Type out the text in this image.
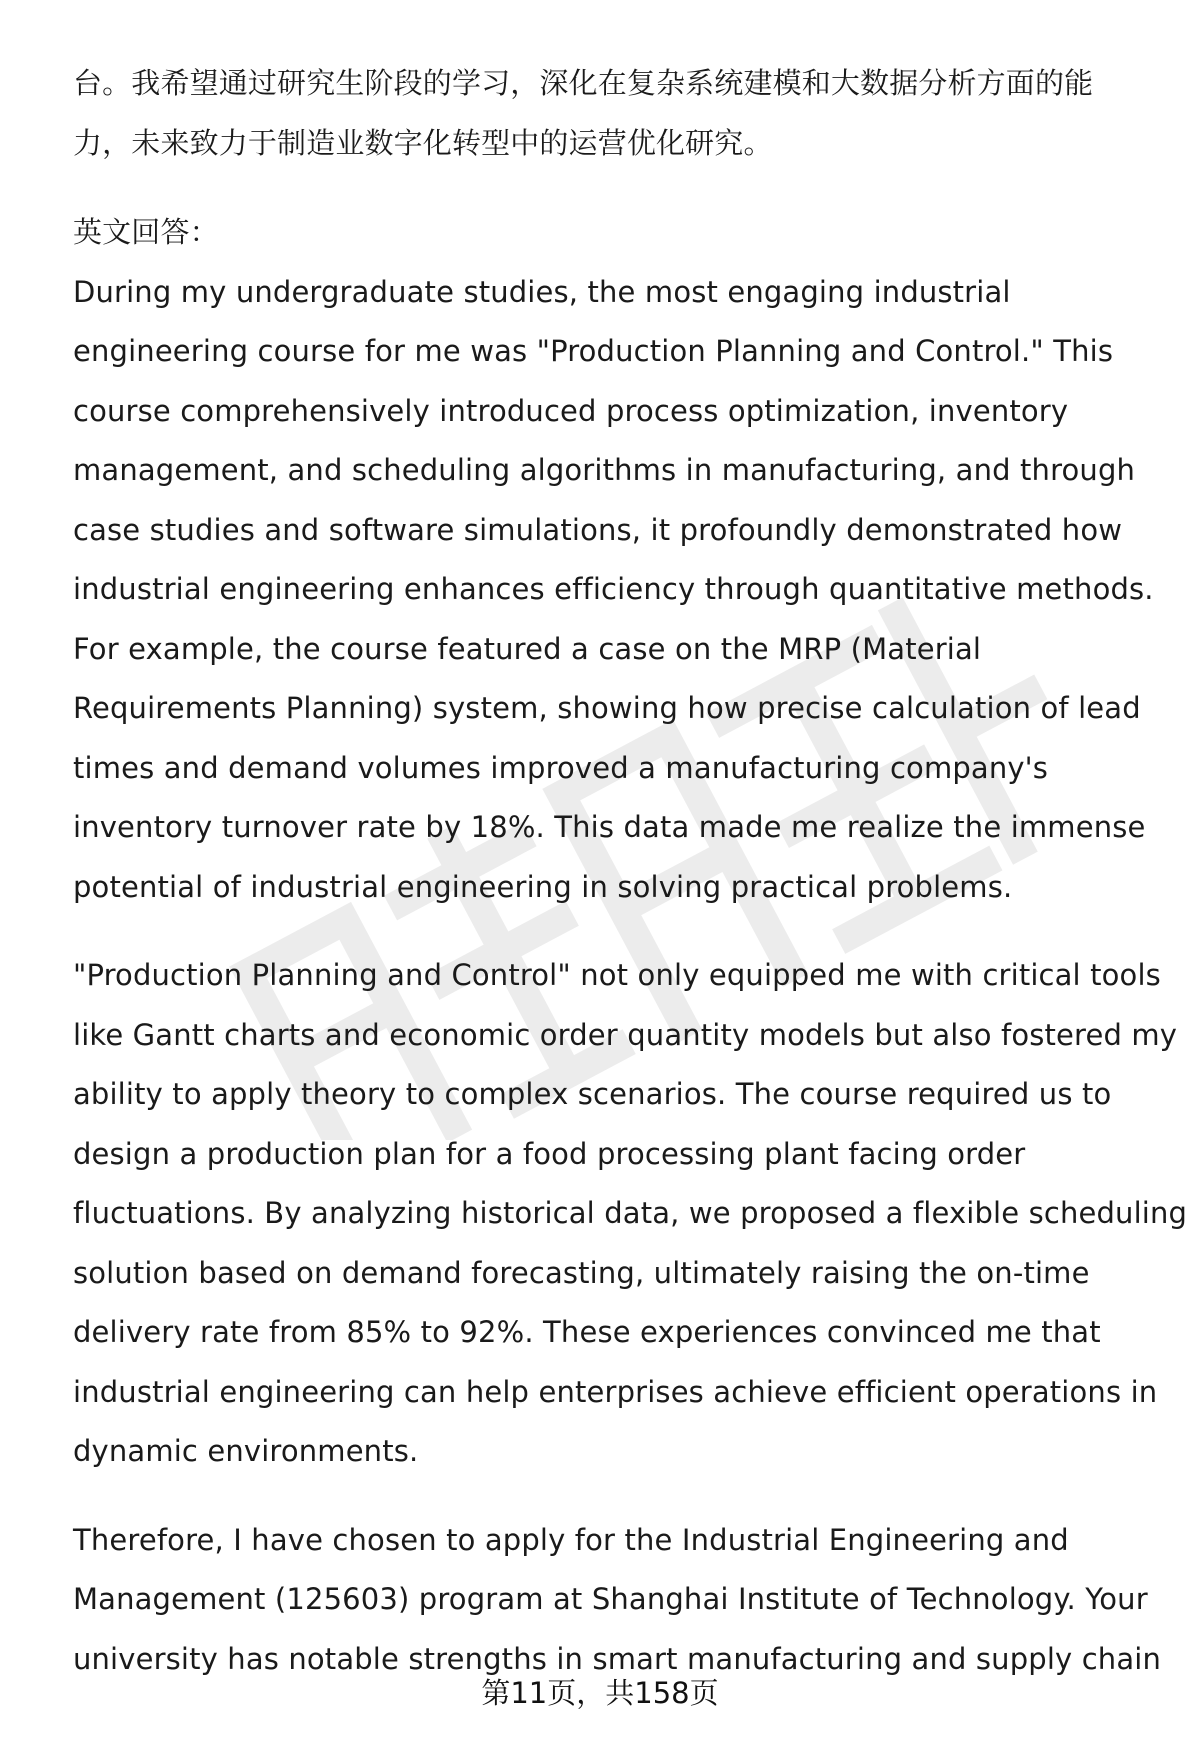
台。我希望通过研究生阶段的学习，深化在复杂系统建模和大数据分析方面的能
力，未来致力于制造业数字化转型中的运营优化研究。
英文回答：
During my undergraduate studies, the most engaging industrial
engineering course for me was "Production Planning and Control." This
course comprehensively introduced process optimization, inventory
management, and scheduling algorithms in manufacturing, and through
case studies and software simulations, it profoundly demonstrated how
industrial engineering enhances efficiency through quantitative methods.
For example, the course featured a case on the MRP (Material
Requirements Planning) system, showing how precise calculation of lead
times and demand volumes improved a manufacturing company's
inventory turnover rate by 18%. This data made me realize the immense
potential of industrial engineering in solving practical problems.
"Production Planning and Control" not only equipped me with critical tools
like Gantt charts and economic order quantity models but also fostered my
ability to apply theory to complex scenarios. The course required us to
design a production plan for a food processing plant facing order
fluctuations. By analyzing historical data, we proposed a flexible scheduling
solution based on demand forecasting, ultimately raising the on-time
delivery rate from 85% to 92%. These experiences convinced me that
industrial engineering can help enterprises achieve efficient operations in
dynamic environments.
Therefore, I have chosen to apply for the Industrial Engineering and
Management (125603) program at Shanghai Institute of Technology. Your
university has notable strengths in smart manufacturing and supply chain
第11页，共158页
